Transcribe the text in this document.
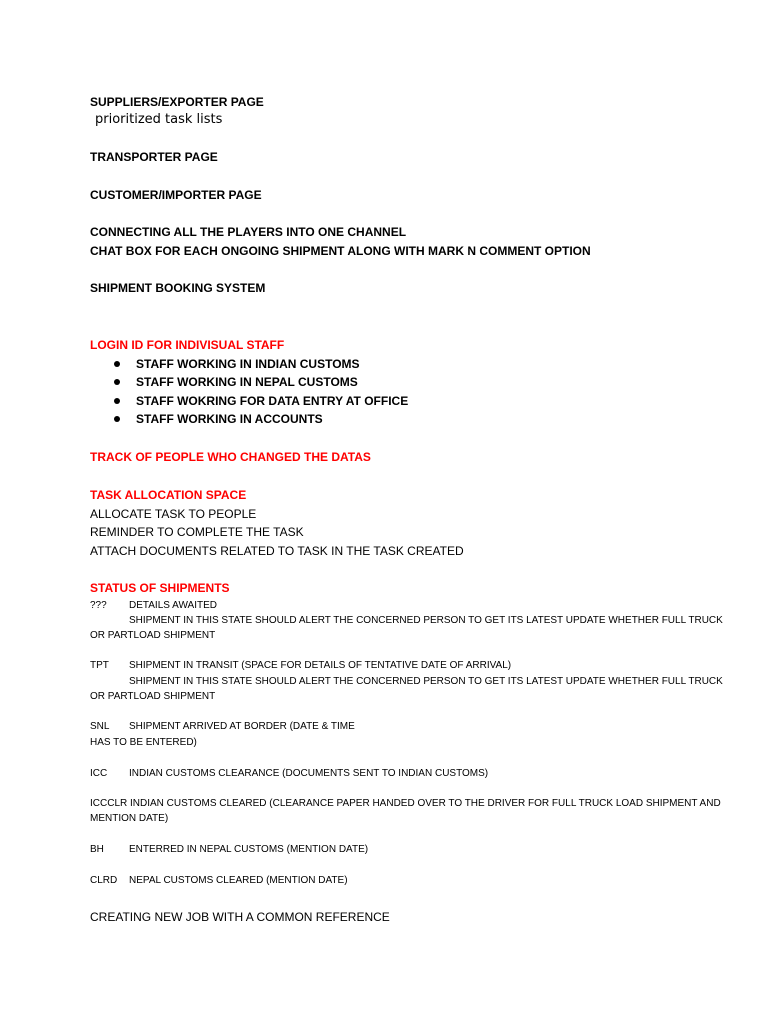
SUPPLIERS/EXPORTER PAGE
prioritized task lists
TRANSPORTER PAGE
CUSTOMER/IMPORTER PAGE
CONNECTING ALL THE PLAYERS INTO ONE CHANNEL
CHAT BOX FOR EACH ONGOING SHIPMENT ALONG WITH MARK N COMMENT OPTION
SHIPMENT BOOKING SYSTEM
LOGIN ID FOR INDIVISUAL STAFF
STAFF WORKING IN INDIAN CUSTOMS
STAFF WORKING IN NEPAL CUSTOMS
STAFF WOKRING FOR DATA ENTRY AT OFFICE
STAFF WORKING IN ACCOUNTS
TRACK OF PEOPLE WHO CHANGED THE DATAS
TASK ALLOCATION SPACE
ALLOCATE TASK TO PEOPLE
REMINDER TO COMPLETE THE TASK
ATTACH DOCUMENTS RELATED TO TASK IN THE TASK CREATED
STATUS OF SHIPMENTS
??? DETAILS AWAITED
SHIPMENT IN THIS STATE SHOULD ALERT THE CONCERNED PERSON TO GET ITS LATEST UPDATE WHETHER FULL TRUCK
OR PARTLOAD SHIPMENT
TPT SHIPMENT IN TRANSIT (SPACE FOR DETAILS OF TENTATIVE DATE OF ARRIVAL)
SHIPMENT IN THIS STATE SHOULD ALERT THE CONCERNED PERSON TO GET ITS LATEST UPDATE WHETHER FULL TRUCK
OR PARTLOAD SHIPMENT
SNL SHIPMENT ARRIVED AT BORDER (DATE & TIME
HAS TO BE ENTERED)
ICC INDIAN CUSTOMS CLEARANCE (DOCUMENTS SENT TO INDIAN CUSTOMS)
ICCCLR INDIAN CUSTOMS CLEARED (CLEARANCE PAPER HANDED OVER TO THE DRIVER FOR FULL TRUCK LOAD SHIPMENT AND
MENTION DATE)
BH	ENTERRED IN NEPAL CUSTOMS (MENTION DATE)
CLRD NEPAL CUSTOMS CLEARED (MENTION DATE)
CREATING NEW JOB WITH A COMMON REFERENCE
